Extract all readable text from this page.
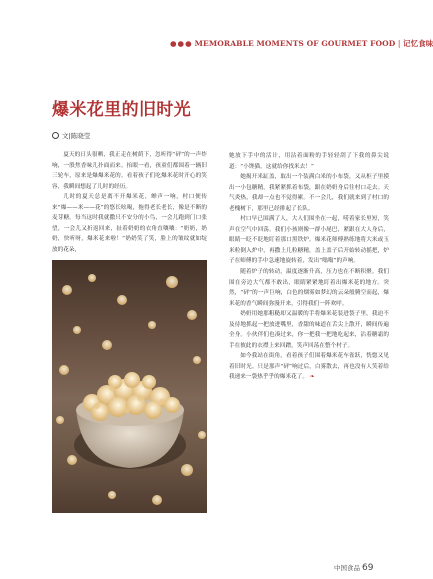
●●● MEMORABLE MOMENTS OF GOURMET FOOD | 记忆食味
爆米花里的旧时光
文|陈晓莹

夏天的日头很晒，我正走在树荫下，忽听得“砰”的一声炸响，一股焦香味儿扑面而来。抬眼一看，孩童们都围着一辆旧三轮车，原来是爆爆米花的。看着孩子们吃爆米花时开心的笑容，我瞬间想起了儿时的经历。

儿时的夏天总是离不开爆米花，蝉声一响，村口便传来“爆——米——花”的悠长吆喝，拖得老长老长，像是不断的麦芽糖。每当这时我就撒只不安分的小鸟，一会儿跑到门口张望，一会儿又折返回来，扯着奶奶的衣角直嚷嚷：“奶奶，奶奶，快听呀，爆米花来啦！”奶奶笑了笑，脸上的皱纹就如绽放的花朵，

她放下手中的活计，用沾着面粉的手轻轻刮了下我的鼻尖说道：“小馋猫，这就给你找米去！”

她揭开米缸盖，取出一个装满白米的小布袋，又从柜子里摸出一小包糖精。我紧紧抓着布袋，跟在奶奶身后往村口走去。天气炎热，我却一点也不觉得累。不一会儿，我们就来到了村口的老槐树下，那里已经排起了长队。

村口早已围满了人，大人们围坐在一起，唠着家长里短，笑声在空气中回荡。我们小孩则像一群小尾巴，紧跟在大人身后，眼睛一眨不眨地盯着那口黑铁炉。爆米花师傅熟练地将大米或玉米粒倒入炉中，再撒上几粒糖精，盖上盖子后开始转动摇把，炉子在师傅的手中急速地旋转着，发出“嗡嗡”的声响。

随着炉子的转动，温度逐渐升高，压力也在不断积聚。我们围在旁边大气都不敢出，眼睛紧紧地盯着出爆米花的地方。突然，“砰”的一声巨响，白色的烟雾如梦幻的云朵般腾空而起，爆米花的香气瞬间弥漫开来，引得我们一阵欢呼。

奶奶用她那粗糙却又温暖的手将爆米花装进袋子里，我迫不及待地抓起一把放进嘴里，香甜的味道在舌尖上散开，瞬间传遍全身。小伙伴们也凑过来，你一把我一把地吃起来，沾着糖霜的手在彼此的衣襟上来回蹭，笑声回荡在整个村子。

如今我站在街角，看着孩子们围着爆米花车雀跃，恍惚又见着旧时光。只是那声“砰”响过后，白雾散去，再也没有人笑着给我递来一袋热乎乎的爆米花了。 ❧

中国食品 69
